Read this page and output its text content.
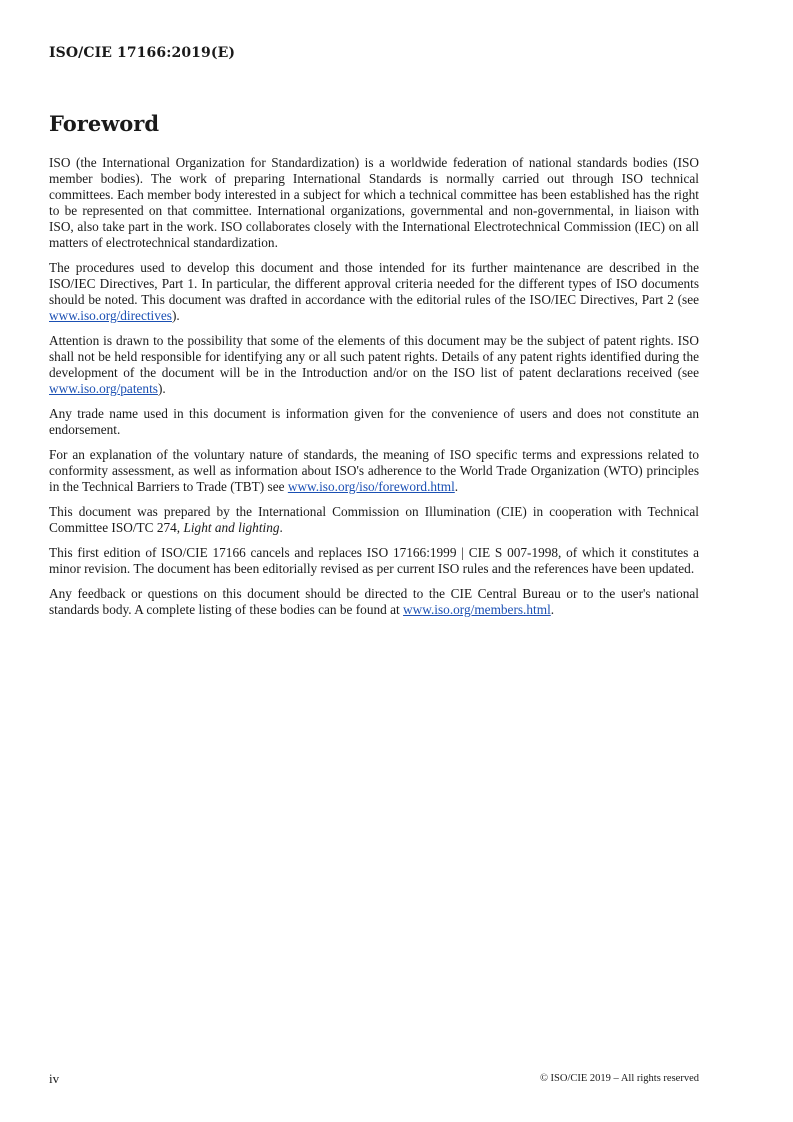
ISO/CIE 17166:2019(E)
Foreword

ISO (the International Organization for Standardization) is a worldwide federation of national standards bodies (ISO member bodies). The work of preparing International Standards is normally carried out through ISO technical committees. Each member body interested in a subject for which a technical committee has been established has the right to be represented on that committee. International organizations, governmental and non-governmental, in liaison with ISO, also take part in the work. ISO collaborates closely with the International Electrotechnical Commission (IEC) on all matters of electrotechnical standardization.

The procedures used to develop this document and those intended for its further maintenance are described in the ISO/IEC Directives, Part 1. In particular, the different approval criteria needed for the different types of ISO documents should be noted. This document was drafted in accordance with the editorial rules of the ISO/IEC Directives, Part 2 (see www.iso.org/directives).

Attention is drawn to the possibility that some of the elements of this document may be the subject of patent rights. ISO shall not be held responsible for identifying any or all such patent rights. Details of any patent rights identified during the development of the document will be in the Introduction and/or on the ISO list of patent declarations received (see www.iso.org/patents).

Any trade name used in this document is information given for the convenience of users and does not constitute an endorsement.

For an explanation of the voluntary nature of standards, the meaning of ISO specific terms and expressions related to conformity assessment, as well as information about ISO's adherence to the World Trade Organization (WTO) principles in the Technical Barriers to Trade (TBT) see www.iso.org/iso/foreword.html.

This document was prepared by the International Commission on Illumination (CIE) in cooperation with Technical Committee ISO/TC 274, Light and lighting.

This first edition of ISO/CIE 17166 cancels and replaces ISO 17166:1999 | CIE S 007-1998, of which it constitutes a minor revision. The document has been editorially revised as per current ISO rules and the references have been updated.

Any feedback or questions on this document should be directed to the CIE Central Bureau or to the user's national standards body. A complete listing of these bodies can be found at www.iso.org/members.html.

iv	© ISO/CIE 2019 – All rights reserved
